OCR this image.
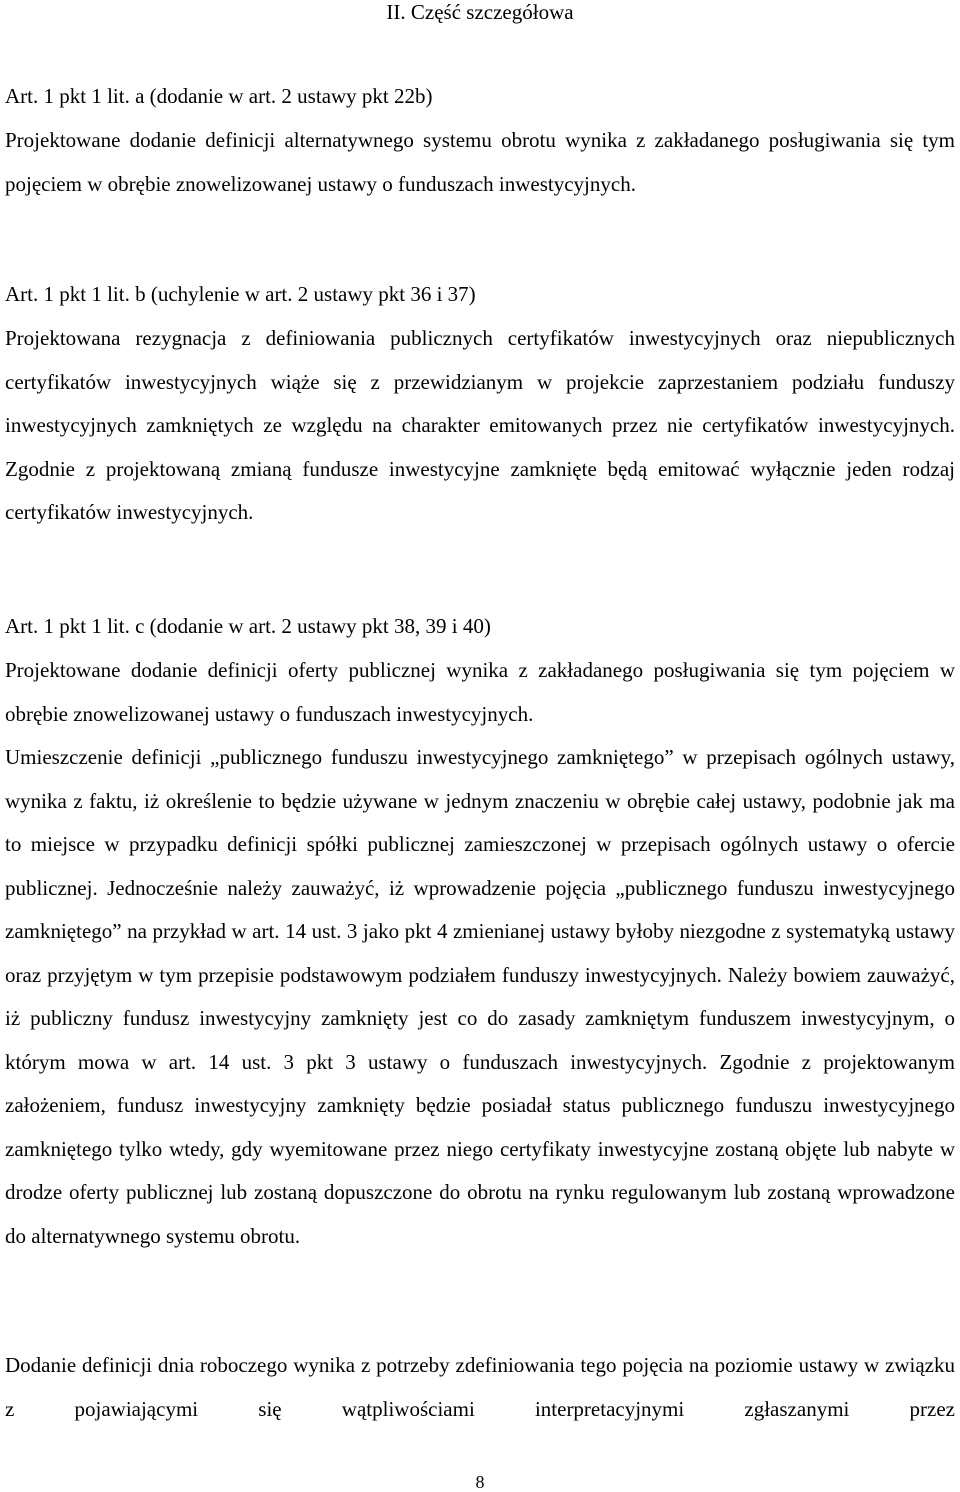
II. Część szczegółowa

Art. 1 pkt 1 lit. a (dodanie w art. 2 ustawy pkt 22b)

Projektowane dodanie definicji alternatywnego systemu obrotu wynika z zakładanego posługiwania się tym pojęciem w obrębie znowelizowanej ustawy o funduszach inwestycyjnych.

Art. 1 pkt 1 lit. b (uchylenie w art. 2 ustawy pkt 36 i 37)

Projektowana rezygnacja z definiowania publicznych certyfikatów inwestycyjnych oraz niepublicznych certyfikatów inwestycyjnych wiąże się z przewidzianym w projekcie zaprzestaniem podziału funduszy inwestycyjnych zamkniętych ze względu na charakter emitowanych przez nie certyfikatów inwestycyjnych. Zgodnie z projektowaną zmianą fundusze inwestycyjne zamknięte będą emitować wyłącznie jeden rodzaj certyfikatów inwestycyjnych.

Art. 1 pkt 1 lit. c (dodanie w art. 2 ustawy pkt 38, 39 i 40)

Projektowane dodanie definicji oferty publicznej wynika z zakładanego posługiwania się tym pojęciem w obrębie znowelizowanej ustawy o funduszach inwestycyjnych.

Umieszczenie definicji „publicznego funduszu inwestycyjnego zamkniętego” w przepisach ogólnych ustawy, wynika z faktu, iż określenie to będzie używane w jednym znaczeniu w obrębie całej ustawy, podobnie jak ma to miejsce w przypadku definicji spółki publicznej zamieszczonej w przepisach ogólnych ustawy o ofercie publicznej. Jednocześnie należy zauważyć, iż wprowadzenie pojęcia „publicznego funduszu inwestycyjnego zamkniętego” na przykład w art. 14 ust. 3 jako pkt 4 zmienianej ustawy byłoby niezgodne z systematyką ustawy oraz przyjętym w tym przepisie podstawowym podziałem funduszy inwestycyjnych. Należy bowiem zauważyć, iż publiczny fundusz inwestycyjny zamknięty jest co do zasady zamkniętym funduszem inwestycyjnym, o którym mowa w art. 14 ust. 3 pkt 3 ustawy o funduszach inwestycyjnych. Zgodnie z projektowanym założeniem, fundusz inwestycyjny zamknięty będzie posiadał status publicznego funduszu inwestycyjnego zamkniętego tylko wtedy, gdy wyemitowane przez niego certyfikaty inwestycyjne zostaną objęte lub nabyte w drodze oferty publicznej lub zostaną dopuszczone do obrotu na rynku regulowanym lub zostaną wprowadzone do alternatywnego systemu obrotu.

Dodanie definicji dnia roboczego wynika z potrzeby zdefiniowania tego pojęcia na poziomie ustawy w związku z pojawiającymi się wątpliwościami interpretacyjnymi zgłaszanymi przez

8
